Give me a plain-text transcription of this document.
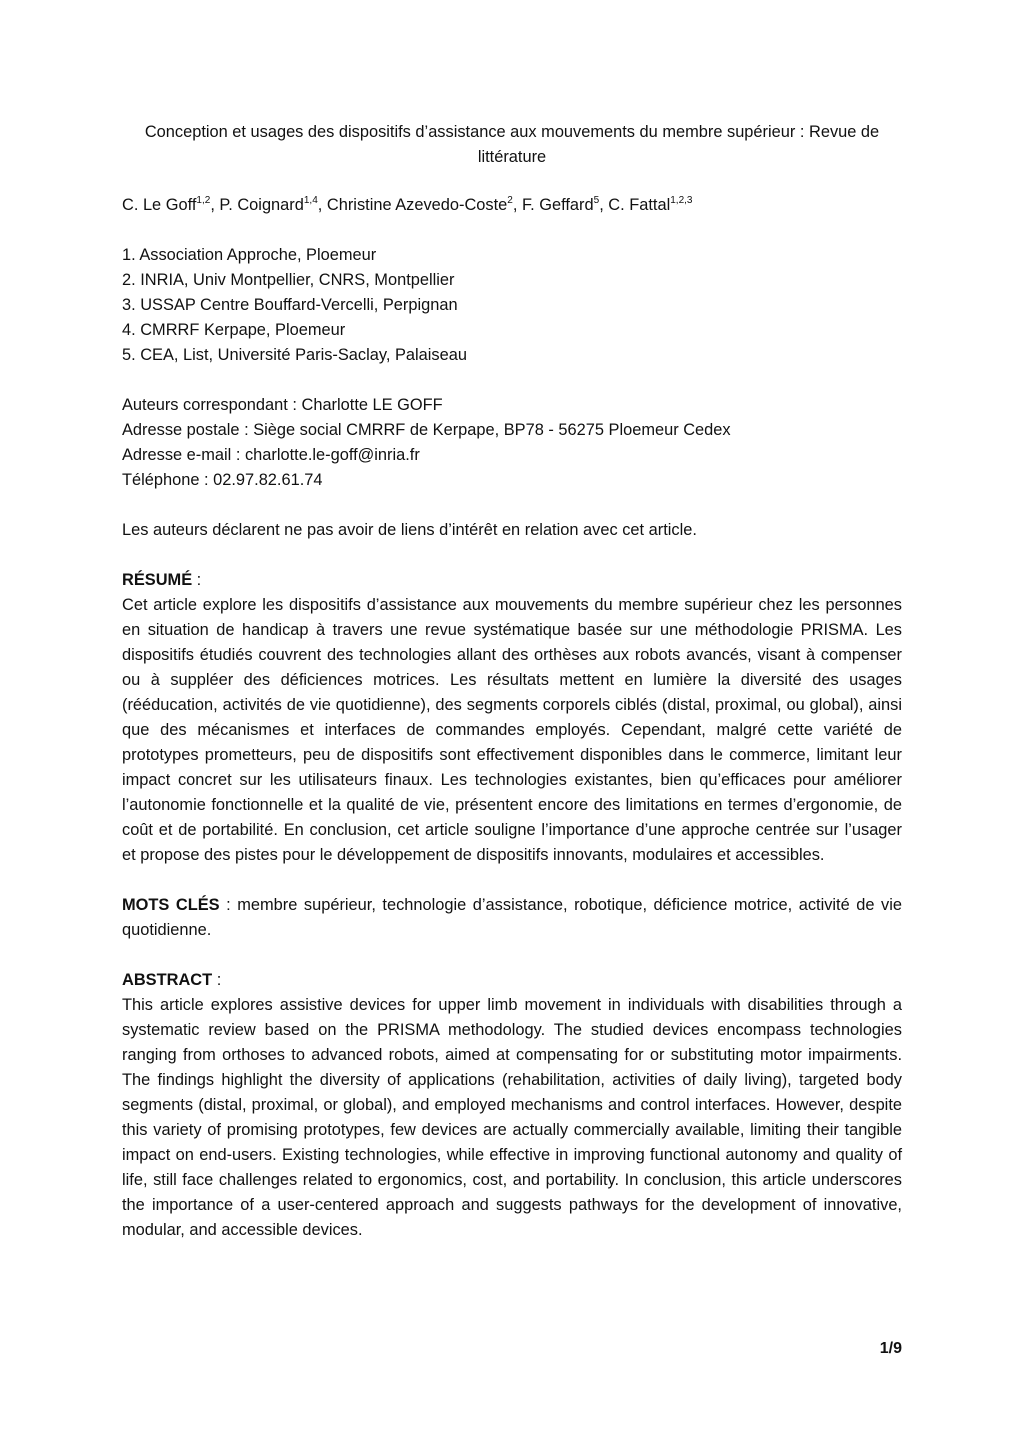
Conception et usages des dispositifs d’assistance aux mouvements du membre supérieur : Revue de littérature
C. Le Goff$^{1,2}$, P. Coignard$^{1,4}$, Christine Azevedo-Coste$^2$, F. Geffard$^5$, C. Fattal$^{1,2,3}$
1. Association Approche, Ploemeur
2. INRIA, Univ Montpellier, CNRS, Montpellier
3. USSAP Centre Bouffard-Vercelli, Perpignan
4. CMRRF Kerpape, Ploemeur
5. CEA, List, Université Paris-Saclay, Palaiseau
Auteurs correspondant : Charlotte LE GOFF
Adresse postale : Siège social CMRRF de Kerpape, BP78 - 56275 Ploemeur Cedex
Adresse e-mail : charlotte.le-goff@inria.fr
Téléphone : 02.97.82.61.74
Les auteurs déclarent ne pas avoir de liens d’intérêt en relation avec cet article.
RÉSUMÉ :
Cet article explore les dispositifs d’assistance aux mouvements du membre supérieur chez les personnes en situation de handicap à travers une revue systématique basée sur une méthodologie PRISMA. Les dispositifs étudiés couvrent des technologies allant des orthèses aux robots avancés, visant à compenser ou à suppléer des déficiences motrices. Les résultats mettent en lumière la diversité des usages (rééducation, activités de vie quotidienne), des segments corporels ciblés (distal, proximal, ou global), ainsi que des mécanismes et interfaces de commandes employés. Cependant, malgré cette variété de prototypes prometteurs, peu de dispositifs sont effectivement disponibles dans le commerce, limitant leur impact concret sur les utilisateurs finaux. Les technologies existantes, bien qu’efficaces pour améliorer l’autonomie fonctionnelle et la qualité de vie, présentent encore des limitations en termes d’ergonomie, de coût et de portabilité. En conclusion, cet article souligne l’importance d’une approche centrée sur l’usager et propose des pistes pour le développement de dispositifs innovants, modulaires et accessibles.
MOTS CLÉS : membre supérieur, technologie d’assistance, robotique, déficience motrice, activité de vie quotidienne.
ABSTRACT :
This article explores assistive devices for upper limb movement in individuals with disabilities through a systematic review based on the PRISMA methodology. The studied devices encompass technologies ranging from orthoses to advanced robots, aimed at compensating for or substituting motor impairments. The findings highlight the diversity of applications (rehabilitation, activities of daily living), targeted body segments (distal, proximal, or global), and employed mechanisms and control interfaces. However, despite this variety of promising prototypes, few devices are actually commercially available, limiting their tangible impact on end-users. Existing technologies, while effective in improving functional autonomy and quality of life, still face challenges related to ergonomics, cost, and portability. In conclusion, this article underscores the importance of a user-centered approach and suggests pathways for the development of innovative, modular, and accessible devices.
1/9
